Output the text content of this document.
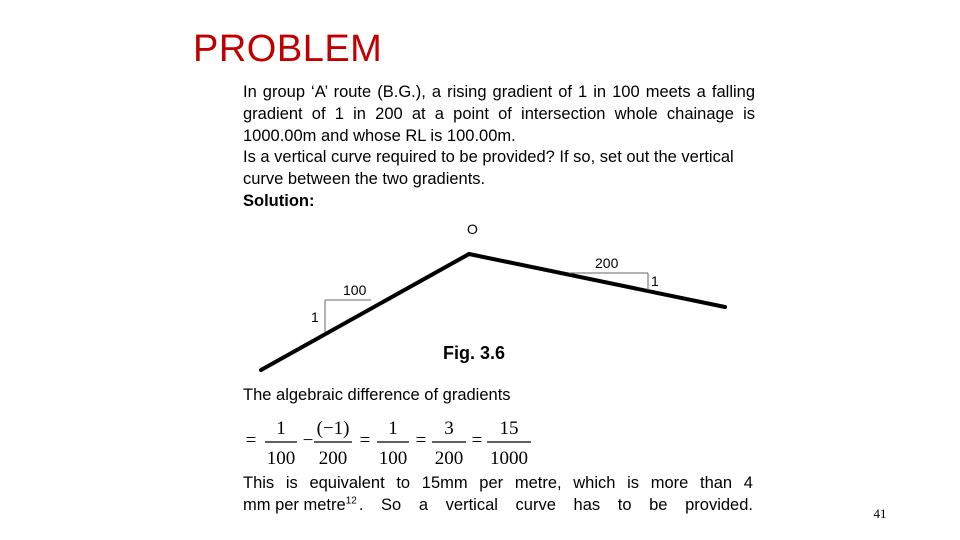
PROBLEM
In group ‘A’ route (B.G.), a rising gradient of 1 in 100 meets a falling gradient of 1 in 200 at a point of intersection whole chainage is 1000.00m and whose RL is 100.00m.
Is a vertical curve required to be provided? If so, set out the vertical curve between the two gradients.
Solution:
O
100
1
200
1
Fig. 3.6
The algebraic difference of gradients
=
1
100
−
(−1)
200
=
1
100
=
3
200
=
15
1000
This is equivalent to 15mm per metre, which is more than 4
mm per metre$^{12}$ . So a vertical curve has to be provided.	41
